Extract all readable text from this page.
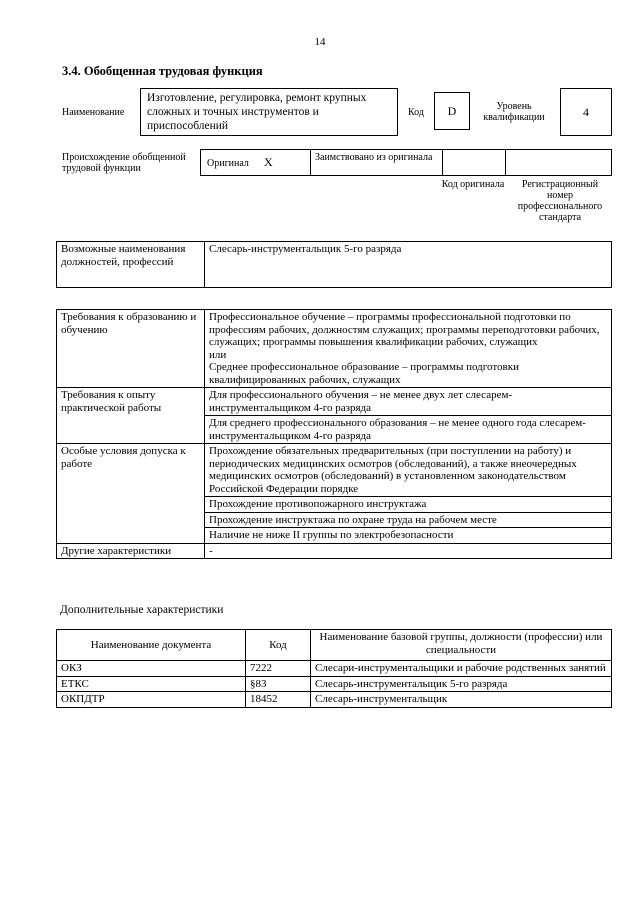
14
3.4. Обобщенная трудовая функция
Наименование
Изготовление, регулировка, ремонт крупных сложных и точных инструментов и приспособлений
Код	D	Уровень квалификации	4
Происхождение обобщенной трудовой функции	Оригинал X	Заимствовано из оригинала
Код оригинала	Регистрационный номер профессионального стандарта
Возможные наименования должностей, профессий	Слесарь-инструментальщик 5-го разряда
Требования к образованию и обучению	Профессиональное обучение – программы профессиональной подготовки по профессиям рабочих, должностям служащих; программы переподготовки рабочих, служащих; программы повышения квалификации рабочих, служащих
или
Среднее профессиональное образование – программы подготовки квалифицированных рабочих, служащих

Требования к опыту практической работы	Для профессионального обучения – не менее двух лет слесарем-инструментальщиком 4-го разряда
Для среднего профессионального образования – не менее одного года слесарем-инструментальщиком 4-го разряда

Особые условия допуска к работе	Прохождение обязательных предварительных (при поступлении на работу) и периодических медицинских осмотров (обследований), а также внеочередных медицинских осмотров (обследований) в установленном законодательством Российской Федерации порядке
Прохождение противопожарного инструктажа
Прохождение инструктажа по охране труда на рабочем месте
Наличие не ниже II группы по электробезопасности

Другие характеристики	-
Дополнительные характеристики
Наименование документа	Код	Наименование базовой группы, должности (профессии) или специальности
ОКЗ	7222	Слесари-инструментальщики и рабочие родственных занятий
ЕТКС	§83	Слесарь-инструментальщик 5-го разряда
ОКПДТР	18452	Слесарь-инструментальщик
